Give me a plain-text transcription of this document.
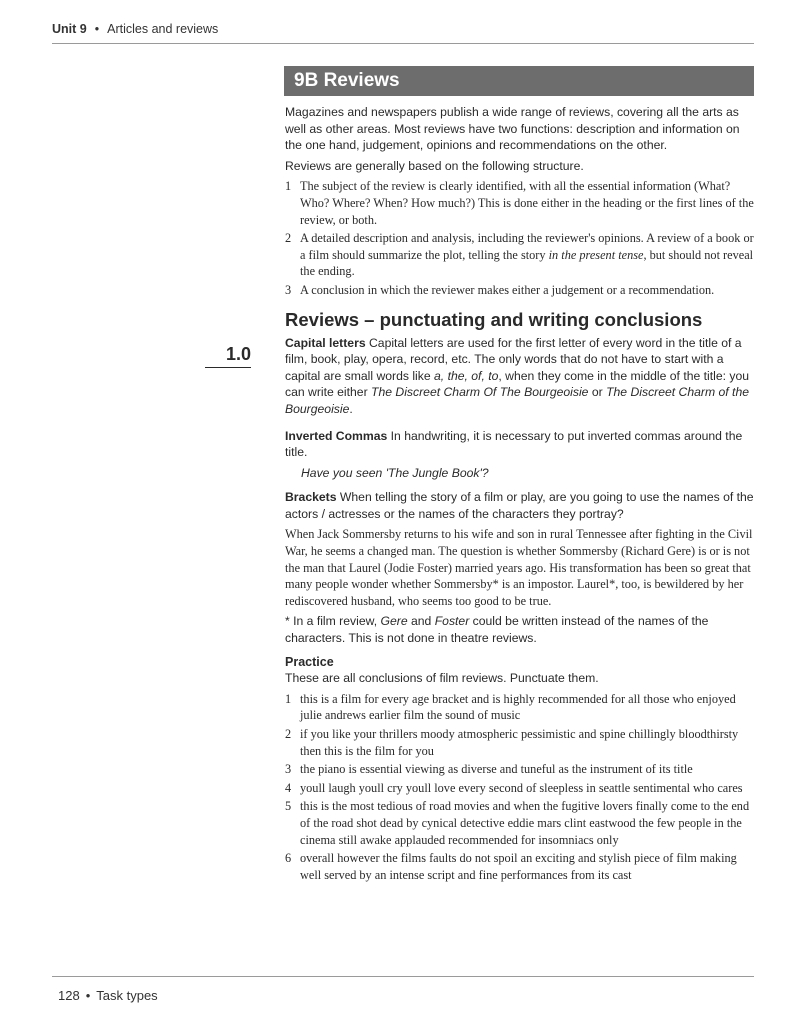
Unit 9 • Articles and reviews
9B Reviews
1.0

Magazines and newspapers publish a wide range of reviews, covering all the arts as well as other areas. Most reviews have two functions: description and information on the one hand, judgement, opinions and recommendations on the other.

Reviews are generally based on the following structure.

1 The subject of the review is clearly identified, with all the essential information (What? Who? Where? When? How much?) This is done either in the heading or the first lines of the review, or both.
2 A detailed description and analysis, including the reviewer's opinions. A review of a book or a film should summarize the plot, telling the story in the present tense, but should not reveal the ending.
3 A conclusion in which the reviewer makes either a judgement or a recommendation.
Reviews – punctuating and writing conclusions

Capital letters Capital letters are used for the first letter of every word in the title of a film, book, play, opera, record, etc. The only words that do not have to start with a capital are small words like a, the, of, to, when they come in the middle of the title: you can write either The Discreet Charm Of The Bourgeoisie or The Discreet Charm of the Bourgeoisie.

Inverted Commas In handwriting, it is necessary to put inverted commas around the title.

Have you seen 'The Jungle Book'?

Brackets When telling the story of a film or play, are you going to use the names of the actors / actresses or the names of the characters they portray?

When Jack Sommersby returns to his wife and son in rural Tennessee after fighting in the Civil War, he seems a changed man. The question is whether Sommersby (Richard Gere) is or is not the man that Laurel (Jodie Foster) married years ago. His transformation has been so great that many people wonder whether Sommersby* is an impostor. Laurel*, too, is bewildered by her rediscovered husband, who seems too good to be true.

* In a film review, Gere and Foster could be written instead of the names of the characters. This is not done in theatre reviews.

Practice

These are all conclusions of film reviews. Punctuate them.

1 this is a film for every age bracket and is highly recommended for all those who enjoyed julie andrews earlier film the sound of music
2 if you like your thrillers moody atmospheric pessimistic and spine chillingly bloodthirsty then this is the film for you
3 the piano is essential viewing as diverse and tuneful as the instrument of its title
4 youll laugh youll cry youll love every second of sleepless in seattle sentimental who cares
5 this is the most tedious of road movies and when the fugitive lovers finally come to the end of the road shot dead by cynical detective eddie mars clint eastwood the few people in the cinema still awake applauded recommended for insomniacs only
6 overall however the films faults do not spoil an exciting and stylish piece of film making well served by an intense script and fine performances from its cast
128 • Task types
